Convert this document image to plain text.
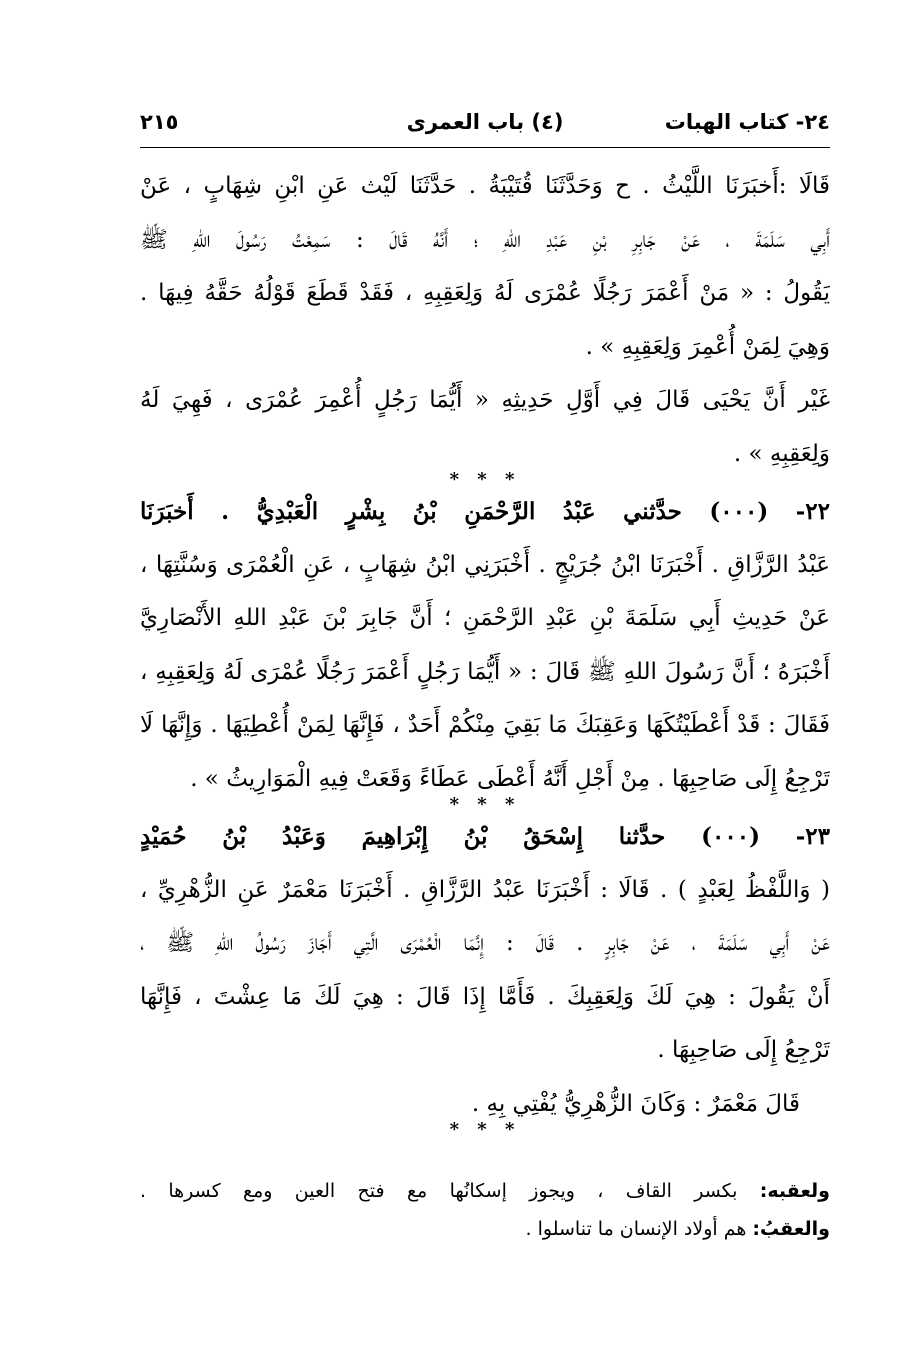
٢٤- كتاب الهبات
(٤) باب العمرى
٢١٥
قَالَا :أَخبَرَنَا اللَّيْثُ . ح وَحَدَّثَنَا قُتَيْبَةُ . حَدَّثَنَا لَيْث عَنِ ابْنِ شِهَابٍ ، عَنْ
أَبِي سَلَمَةَ ، عَنْ جَابِرِ بْنِ عَبْدِ اللهِ ؛ أَنَّهُ قَالَ : سَمِعْتُ رَسُولَ اللهِ ﷺ
يَقُولُ : « مَنْ أَعْمَرَ رَجُلًا عُمْرَى لَهُ وَلِعَقِبِهِ ، فَقَدْ قَطَعَ قَوْلُهُ حَقَّهُ فِيهَا .
وَهِيَ لِمَنْ أُعْمِرَ وَلِعَقِبِهِ » .
غَيْر أَنَّ يَحْيَى قَالَ فِي أَوَّلِ حَدِيثِهِ « أَيُّمَا رَجُلٍ أُعْمِرَ عُمْرَى ، فَهِيَ لَهُ
وَلِعَقِبِهِ » .
* * *
٢٢- (٠٠٠) حدَّثني عَبْدُ الرَّحْمَنِ بْنُ بِشْرٍ الْعَبْدِيُّ . أَخبَرَنَا
عَبْدُ الرَّزَّاقِ . أَخْبَرَنَا ابْنُ جُرَيْجٍ . أَخْبَرَنِي ابْنُ شِهَابٍ ، عَنِ الْعُمْرَى وَسُنَّتِهَا ،
عَنْ حَدِيثِ أَبِي سَلَمَةَ بْنِ عَبْدِ الرَّحْمَنِ ؛ أَنَّ جَابِرَ بْنَ عَبْدِ اللهِ الأَنْصَارِيَّ
أَخْبَرَهُ ؛ أَنَّ رَسُولَ اللهِ ﷺ قَالَ : « أَيُّمَا رَجُلٍ أَعْمَرَ رَجُلًا عُمْرَى لَهُ وَلِعَقِبِهِ ،
فَقَالَ : قَدْ أَعْطَيْتُكَهَا وَعَقِبَكَ مَا بَقِيَ مِنْكُمْ أَحَدٌ ، فَإِنَّهَا لِمَنْ أُعْطِيَهَا . وَإِنَّهَا لَا
تَرْجِعُ إِلَى صَاحِبِهَا . مِنْ أَجْلِ أَنَّهُ أَعْطَى عَطَاءً وَقَعَتْ فِيهِ الْمَوَارِيثُ » .
* * *
٢٣- (٠٠٠) حدَّثنا إِسْحَقُ بْنُ إِبْرَاهِيمَ وَعَبْدُ بْنُ حُمَيْدٍ
( وَاللَّفْظُ لِعَبْدٍ ) . قَالَا : أَخْبَرَنَا عَبْدُ الرَّزَّاقِ . أَخْبَرَنَا مَعْمَرٌ عَنِ الزُّهْرِيِّ ،
عَنْ أَبِي سَلَمَةَ ، عَنْ جَابِرٍ . قَالَ : إِنَّمَا الْعُمْرَى الَّتِي أَجَازَ رَسُولُ اللهِ ﷺ ،
أَنْ يَقُولَ : هِيَ لَكَ وَلِعَقِبِكَ . فَأَمَّا إِذَا قَالَ : هِيَ لَكَ مَا عِشْتَ ، فَإِنَّهَا
تَرْجِعُ إِلَى صَاحِبِهَا .
قَالَ مَعْمَرٌ : وَكَانَ الزُّهْرِيُّ يُفْتِي بِهِ .
* * *
ولعقبه: بكسر القاف ، ويجوز إسكانُها مع فتح العين ومع كسرها .
والعقبُ: هم أولاد الإنسان ما تناسلوا .
